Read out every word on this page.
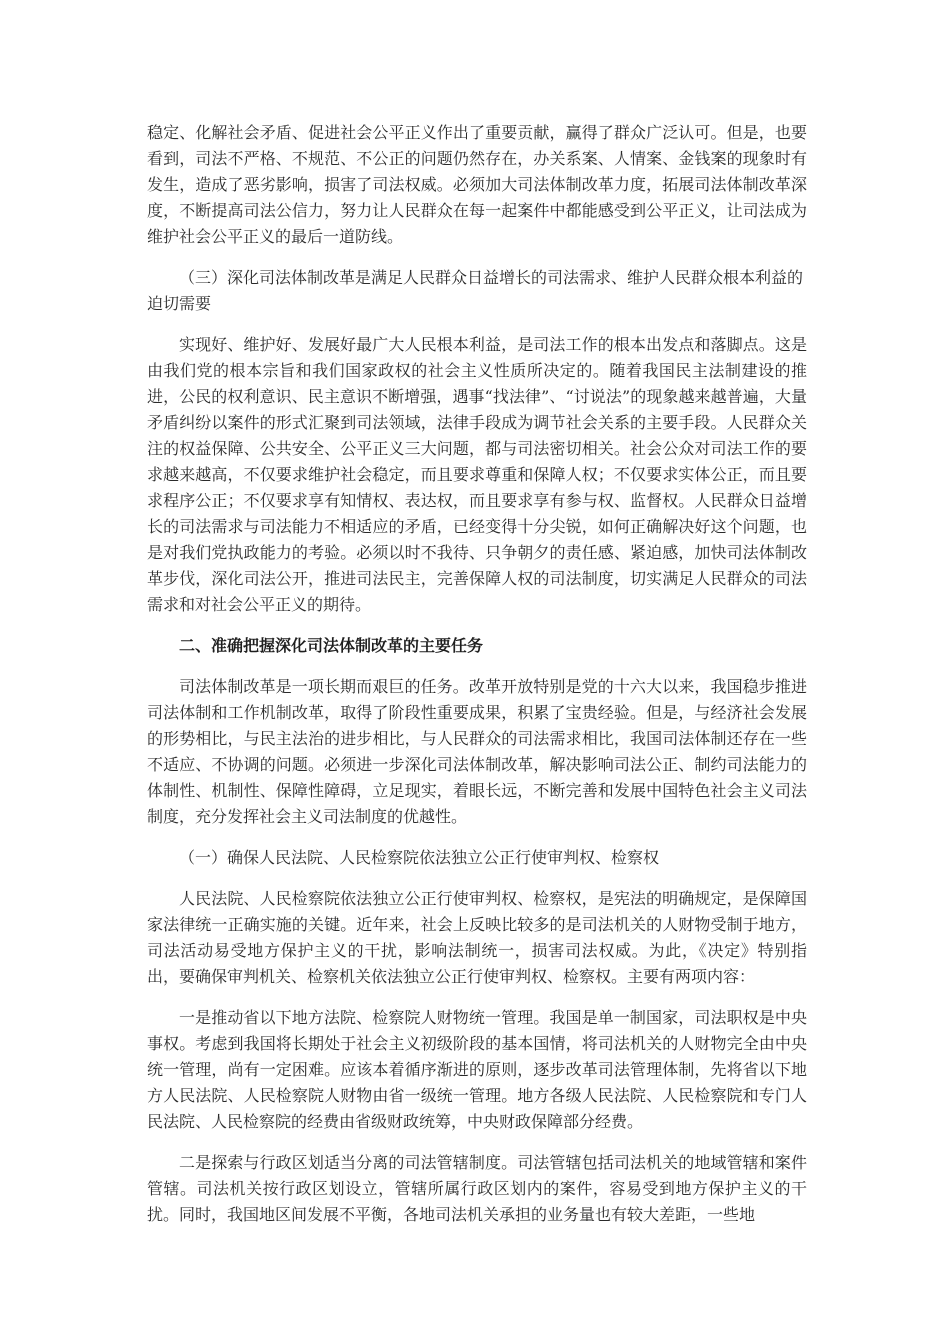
稳定、化解社会矛盾、促进社会公平正义作出了重要贡献，赢得了群众广泛认可。但是，也要看到，司法不严格、不规范、不公正的问题仍然存在，办关系案、人情案、金钱案的现象时有发生，造成了恶劣影响，损害了司法权威。必须加大司法体制改革力度，拓展司法体制改革深度，不断提高司法公信力，努力让人民群众在每一起案件中都能感受到公平正义，让司法成为维护社会公平正义的最后一道防线。

（三）深化司法体制改革是满足人民群众日益增长的司法需求、维护人民群众根本利益的迫切需要

实现好、维护好、发展好最广大人民根本利益，是司法工作的根本出发点和落脚点。这是由我们党的根本宗旨和我们国家政权的社会主义性质所决定的。随着我国民主法制建设的推进，公民的权利意识、民主意识不断增强，遇事“找法律”、“讨说法”的现象越来越普遍，大量矛盾纠纷以案件的形式汇聚到司法领域，法律手段成为调节社会关系的主要手段。人民群众关注的权益保障、公共安全、公平正义三大问题，都与司法密切相关。社会公众对司法工作的要求越来越高，不仅要求维护社会稳定，而且要求尊重和保障人权；不仅要求实体公正，而且要求程序公正；不仅要求享有知情权、表达权，而且要求享有参与权、监督权。人民群众日益增长的司法需求与司法能力不相适应的矛盾，已经变得十分尖锐，如何正确解决好这个问题，也是对我们党执政能力的考验。必须以时不我待、只争朝夕的责任感、紧迫感，加快司法体制改革步伐，深化司法公开，推进司法民主，完善保障人权的司法制度，切实满足人民群众的司法需求和对社会公平正义的期待。

二、准确把握深化司法体制改革的主要任务

司法体制改革是一项长期而艰巨的任务。改革开放特别是党的十六大以来，我国稳步推进司法体制和工作机制改革，取得了阶段性重要成果，积累了宝贵经验。但是，与经济社会发展的形势相比，与民主法治的进步相比，与人民群众的司法需求相比，我国司法体制还存在一些不适应、不协调的问题。必须进一步深化司法体制改革，解决影响司法公正、制约司法能力的体制性、机制性、保障性障碍，立足现实，着眼长远，不断完善和发展中国特色社会主义司法制度，充分发挥社会主义司法制度的优越性。

（一）确保人民法院、人民检察院依法独立公正行使审判权、检察权

人民法院、人民检察院依法独立公正行使审判权、检察权，是宪法的明确规定，是保障国家法律统一正确实施的关键。近年来，社会上反映比较多的是司法机关的人财物受制于地方，司法活动易受地方保护主义的干扰，影响法制统一，损害司法权威。为此，《决定》特别指出，要确保审判机关、检察机关依法独立公正行使审判权、检察权。主要有两项内容：

一是推动省以下地方法院、检察院人财物统一管理。我国是单一制国家，司法职权是中央事权。考虑到我国将长期处于社会主义初级阶段的基本国情，将司法机关的人财物完全由中央统一管理，尚有一定困难。应该本着循序渐进的原则，逐步改革司法管理体制，先将省以下地方人民法院、人民检察院人财物由省一级统一管理。地方各级人民法院、人民检察院和专门人民法院、人民检察院的经费由省级财政统筹，中央财政保障部分经费。

二是探索与行政区划适当分离的司法管辖制度。司法管辖包括司法机关的地域管辖和案件管辖。司法机关按行政区划设立，管辖所属行政区划内的案件，容易受到地方保护主义的干扰。同时，我国地区间发展不平衡，各地司法机关承担的业务量也有较大差距，一些地
